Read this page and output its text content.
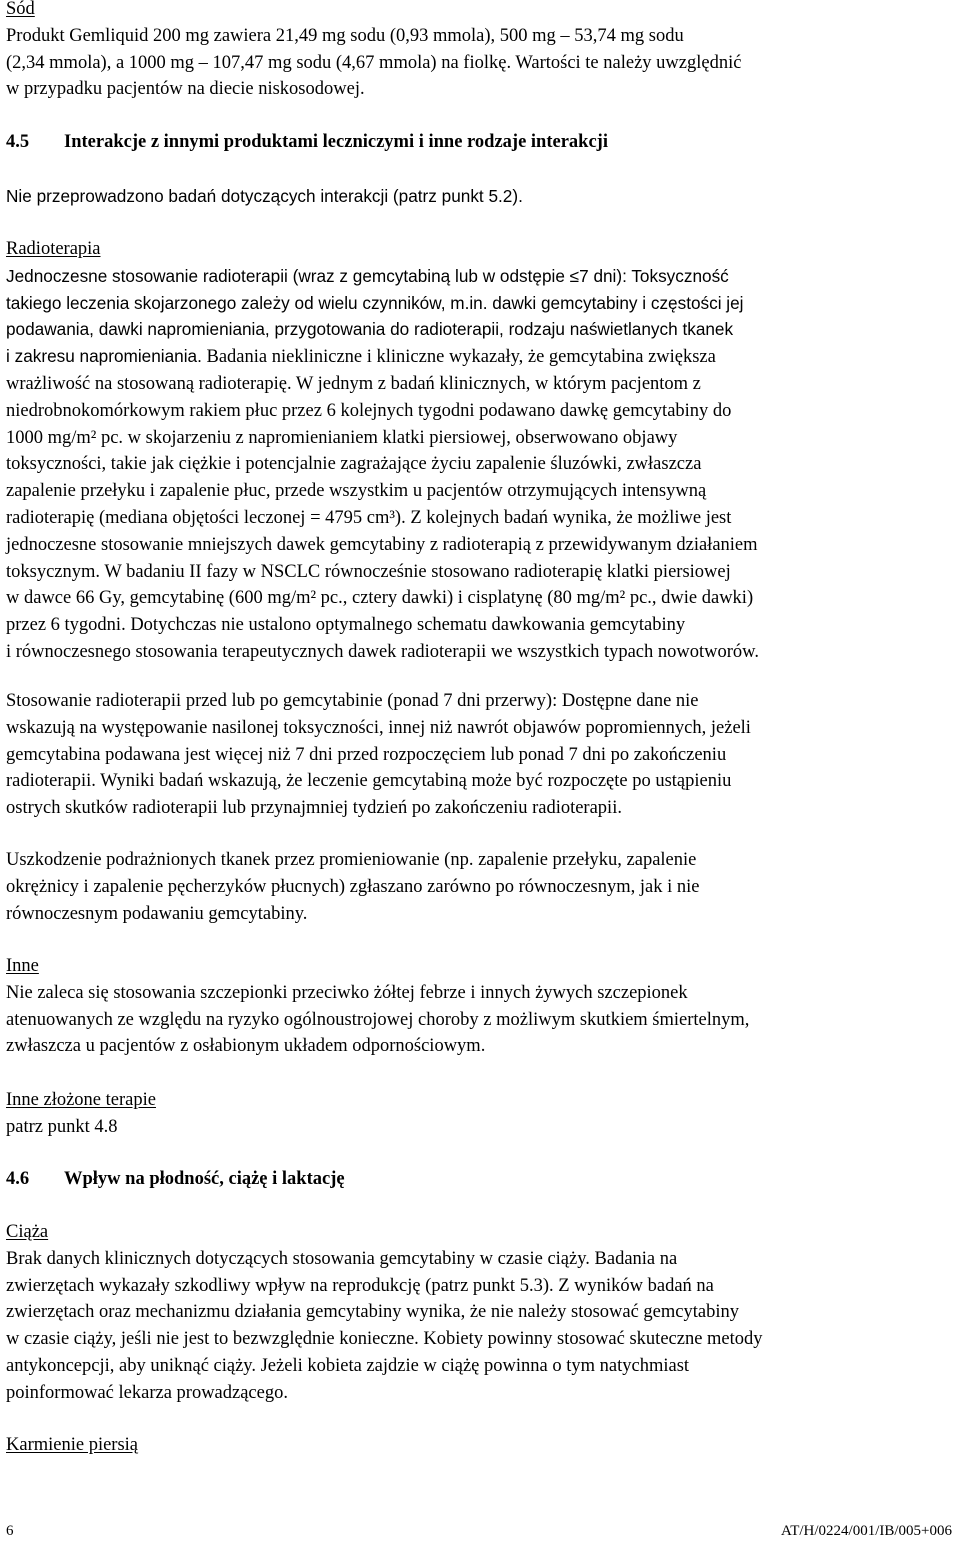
Sód
Produkt Gemliquid 200 mg zawiera 21,49 mg sodu (0,93 mmola), 500 mg – 53,74 mg sodu
(2,34 mmola), a 1000 mg – 107,47 mg sodu (4,67 mmola) na fiolkę. Wartości te należy uwzględnić
w przypadku pacjentów na diecie niskosodowej.
4.5 Interakcje z innymi produktami leczniczymi i inne rodzaje interakcji
Nie przeprowadzono badań dotyczących interakcji (patrz punkt 5.2).
Radioterapia
Jednoczesne stosowanie radioterapii (wraz z gemcytabiną lub w odstępie ≤7 dni): Toksyczność
takiego leczenia skojarzonego zależy od wielu czynników, m.in. dawki gemcytabiny i częstości jej
podawania, dawki napromieniania, przygotowania do radioterapii, rodzaju naświetlanych tkanek
i zakresu napromieniania. Badania niekliniczne i kliniczne wykazały, że gemcytabina zwiększa
wrażliwość na stosowaną radioterapię. W jednym z badań klinicznych, w którym pacjentom z
niedrobnokomórkowym rakiem płuc przez 6 kolejnych tygodni podawano dawkę gemcytabiny do
1000 mg/m² pc. w skojarzeniu z napromienianiem klatki piersiowej, obserwowano objawy
toksyczności, takie jak ciężkie i potencjalnie zagrażające życiu zapalenie śluzówki, zwłaszcza
zapalenie przełyku i zapalenie płuc, przede wszystkim u pacjentów otrzymujących intensywną
radioterapię (mediana objętości leczonej = 4795 cm³). Z kolejnych badań wynika, że możliwe jest
jednoczesne stosowanie mniejszych dawek gemcytabiny z radioterapią z przewidywanym działaniem
toksycznym. W badaniu II fazy w NSCLC równocześnie stosowano radioterapię klatki piersiowej
w dawce 66 Gy, gemcytabinę (600 mg/m² pc., cztery dawki) i cisplatynę (80 mg/m² pc., dwie dawki)
przez 6 tygodni. Dotychczas nie ustalono optymalnego schematu dawkowania gemcytabiny
i równoczesnego stosowania terapeutycznych dawek radioterapii we wszystkich typach nowotworów.
Stosowanie radioterapii przed lub po gemcytabinie (ponad 7 dni przerwy): Dostępne dane nie
wskazują na występowanie nasilonej toksyczności, innej niż nawrót objawów popromiennych, jeżeli
gemcytabina podawana jest więcej niż 7 dni przed rozpoczęciem lub ponad 7 dni po zakończeniu
radioterapii. Wyniki badań wskazują, że leczenie gemcytabiną może być rozpoczęte po ustąpieniu
ostrych skutków radioterapii lub przynajmniej tydzień po zakończeniu radioterapii.
Uszkodzenie podrażnionych tkanek przez promieniowanie (np. zapalenie przełyku, zapalenie
okrężnicy i zapalenie pęcherzyków płucnych) zgłaszano zarówno po równoczesnym, jak i nie
równoczesnym podawaniu gemcytabiny.
Inne
Nie zaleca się stosowania szczepionki przeciwko żółtej febrze i innych żywych szczepionek
atenuowanych ze względu na ryzyko ogólnoustrojowej choroby z możliwym skutkiem śmiertelnym,
zwłaszcza u pacjentów z osłabionym układem odpornościowym.
Inne złożone terapie
patrz punkt 4.8
4.6 Wpływ na płodność, ciążę i laktację
Ciąża
Brak danych klinicznych dotyczących stosowania gemcytabiny w czasie ciąży. Badania na
zwierzętach wykazały szkodliwy wpływ na reprodukcję (patrz punkt 5.3). Z wyników badań na
zwierzętach oraz mechanizmu działania gemcytabiny wynika, że nie należy stosować gemcytabiny
w czasie ciąży, jeśli nie jest to bezwzględnie konieczne. Kobiety powinny stosować skuteczne metody
antykoncepcji, aby uniknąć ciąży. Jeżeli kobieta zajdzie w ciążę powinna o tym natychmiast
poinformować lekarza prowadzącego.
Karmienie piersią
6	AT/H/0224/001/IB/005+006
